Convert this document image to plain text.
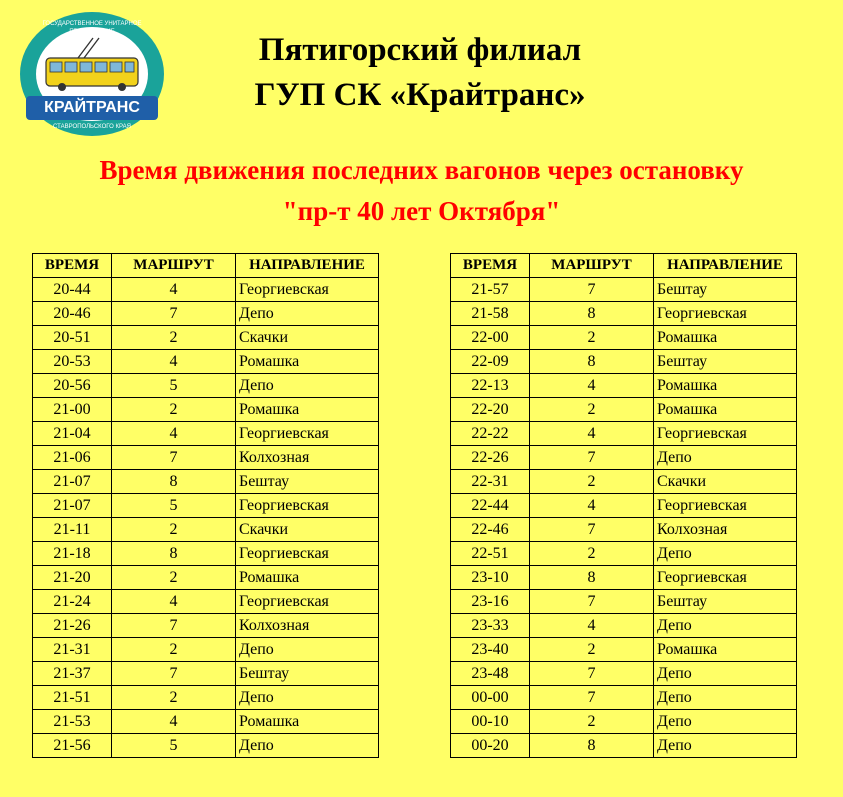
КРАЙТРАНС
ГОСУДАРСТВЕННОЕ УНИТАРНОЕ ПРЕДПРИЯТИЕ
СТАВРОПОЛЬСКОГО КРАЯ
Пятигорский филиал
ГУП СК «Крайтранс»
Время движения последних вагонов через остановку
"пр-т 40 лет Октября"
ВРЕМЯ	МАРШРУТ	НАПРАВЛЕНИЕ
20-44	4	Георгиевская
20-46	7	Депо
20-51	2	Скачки
20-53	4	Ромашка
20-56	5	Депо
21-00	2	Ромашка
21-04	4	Георгиевская
21-06	7	Колхозная
21-07	8	Бештау
21-07	5	Георгиевская
21-11	2	Скачки
21-18	8	Георгиевская
21-20	2	Ромашка
21-24	4	Георгиевская
21-26	7	Колхозная
21-31	2	Депо
21-37	7	Бештау
21-51	2	Депо
21-53	4	Ромашка
21-56	5	Депо
ВРЕМЯ	МАРШРУТ	НАПРАВЛЕНИЕ
21-57	7	Бештау
21-58	8	Георгиевская
22-00	2	Ромашка
22-09	8	Бештау
22-13	4	Ромашка
22-20	2	Ромашка
22-22	4	Георгиевская
22-26	7	Депо
22-31	2	Скачки
22-44	4	Георгиевская
22-46	7	Колхозная
22-51	2	Депо
23-10	8	Георгиевская
23-16	7	Бештау
23-33	4	Депо
23-40	2	Ромашка
23-48	7	Депо
00-00	7	Депо
00-10	2	Депо
00-20	8	Депо
